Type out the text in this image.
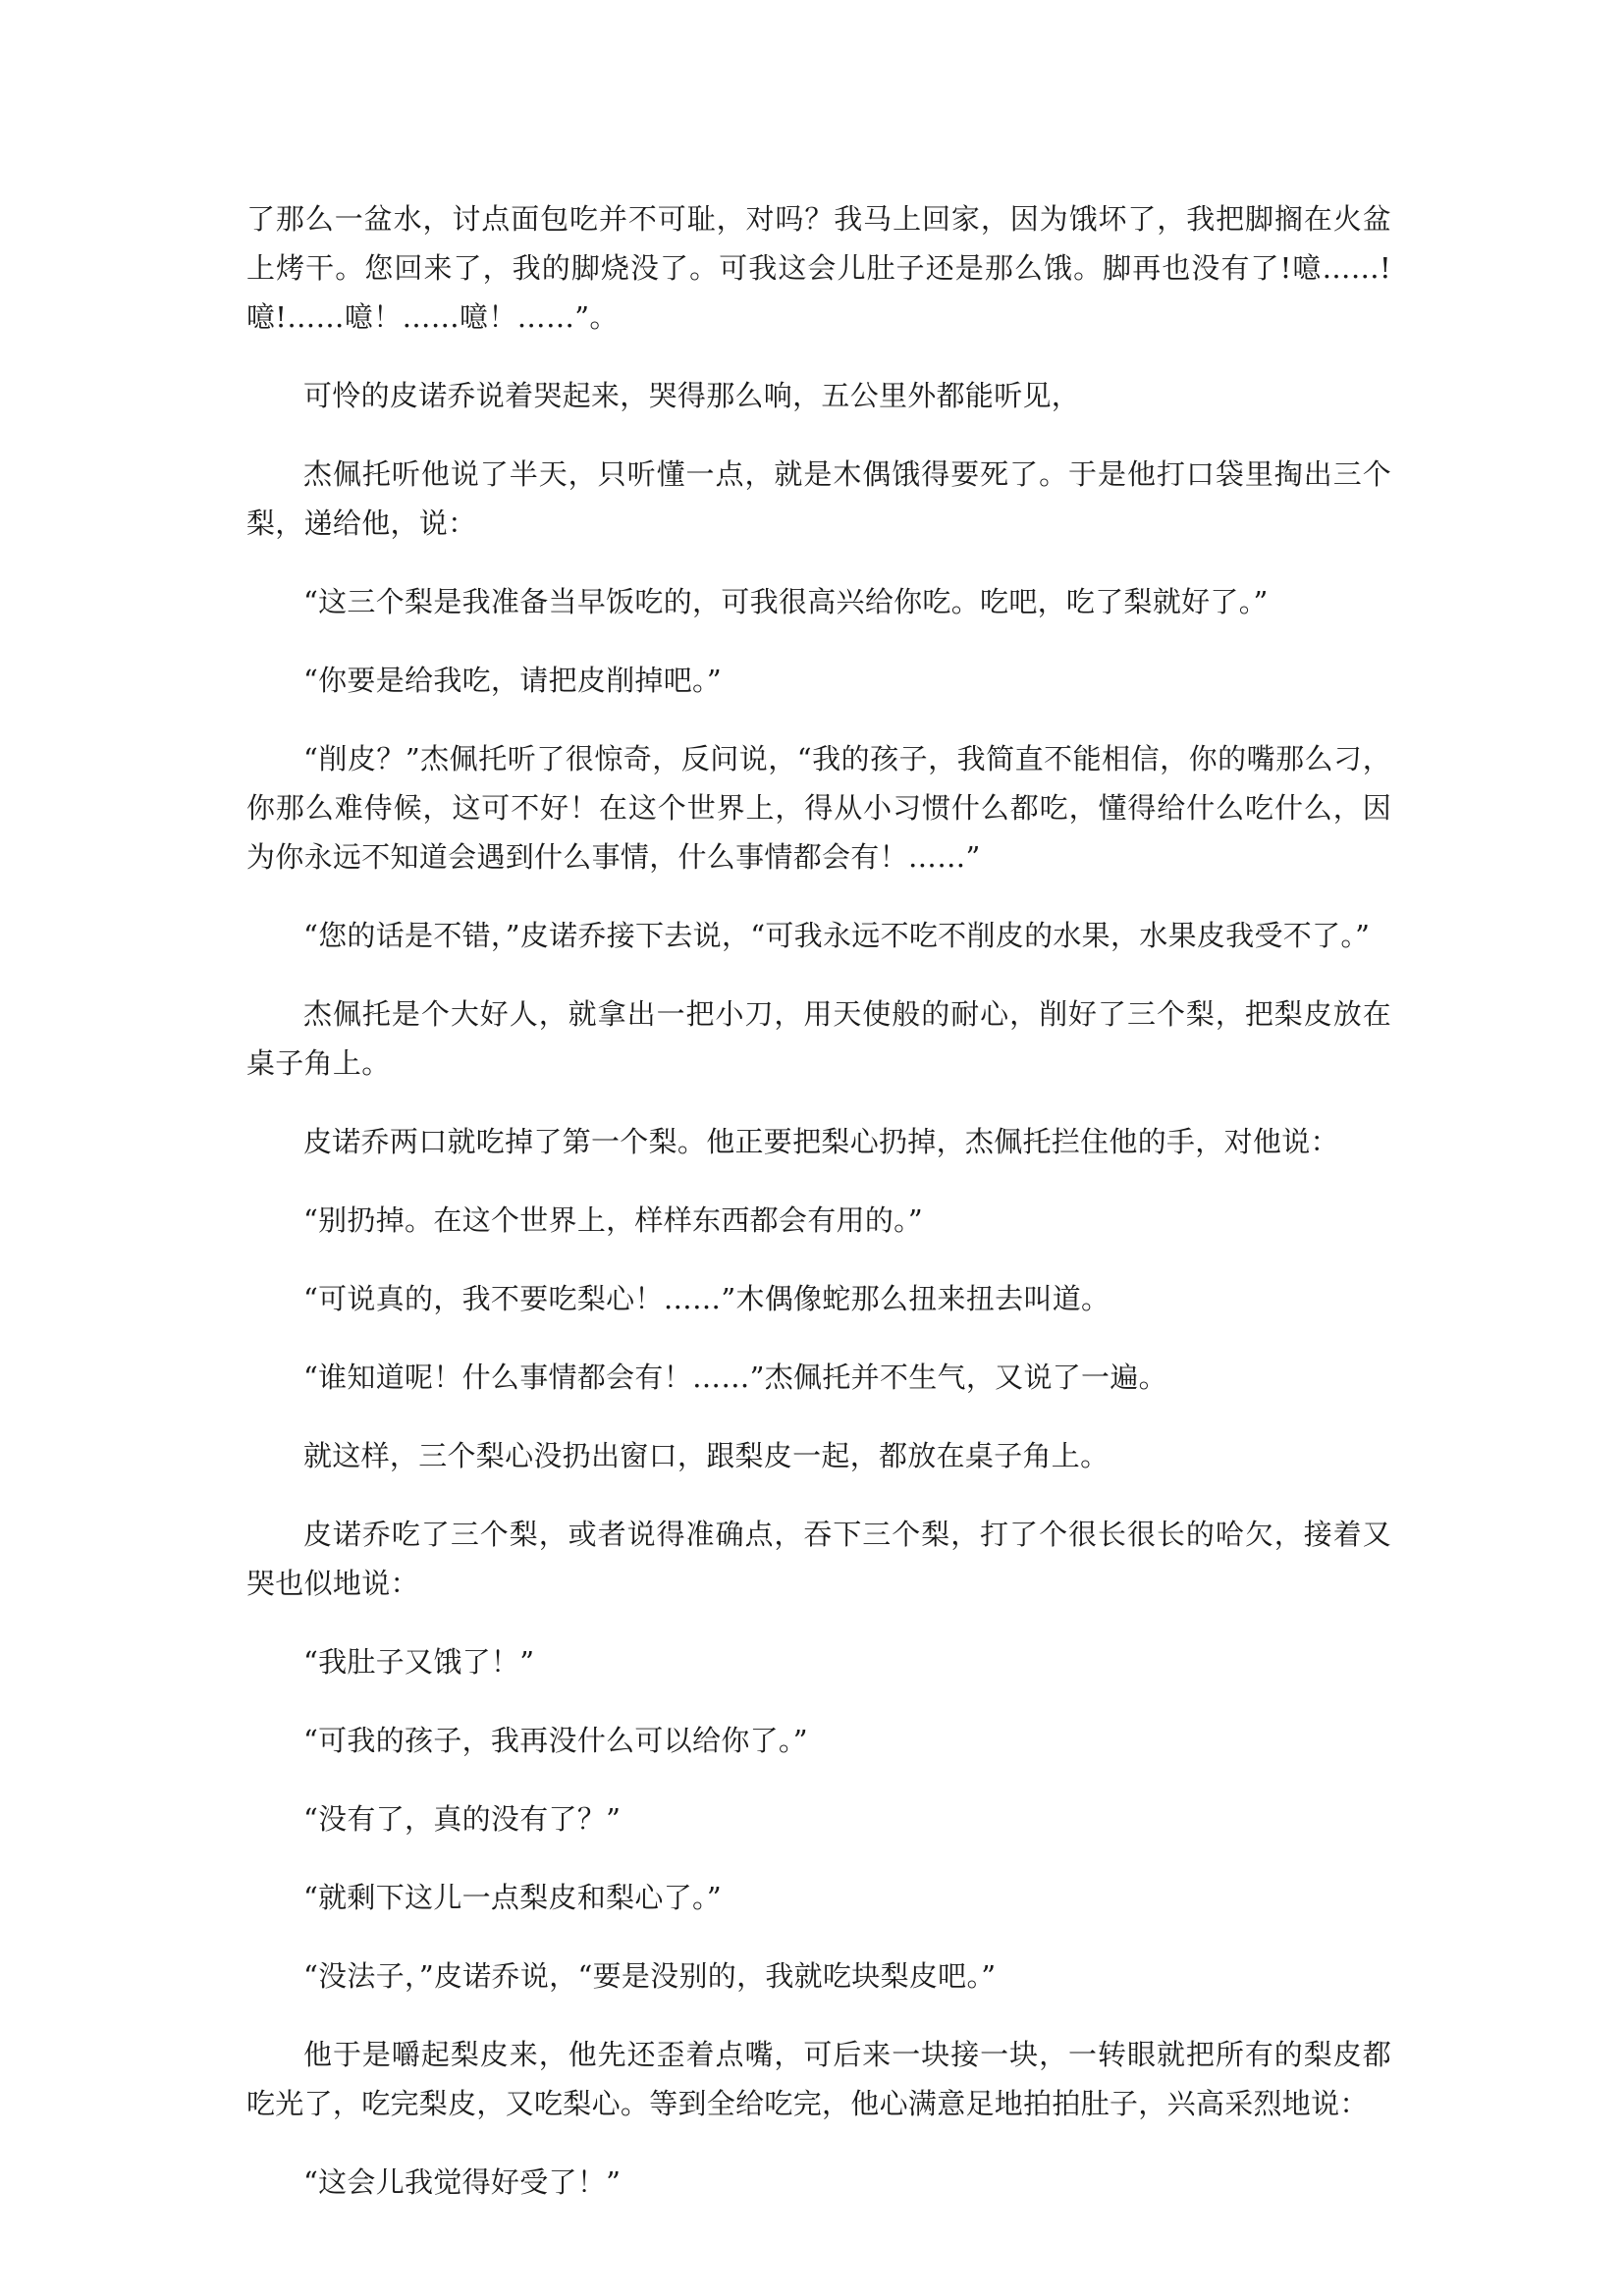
了那么一盆水，讨点面包吃并不可耻，对吗？我马上回家，因为饿坏了，我把脚搁在火盆上烤干。您回来了，我的脚烧没了。可我这会儿肚子还是那么饿。脚再也没有了!噫……!噫!……噫！……噫！……”。

可怜的皮诺乔说着哭起来，哭得那么响，五公里外都能听见，

杰佩托听他说了半天，只听懂一点，就是木偶饿得要死了。于是他打口袋里掏出三个梨，递给他，说：

“这三个梨是我准备当早饭吃的，可我很高兴给你吃。吃吧，吃了梨就好了。”

“你要是给我吃，请把皮削掉吧。”

“削皮？”杰佩托听了很惊奇，反问说，“我的孩子，我简直不能相信，你的嘴那么刁，你那么难侍候，这可不好！在这个世界上，得从小习惯什么都吃，懂得给什么吃什么，因为你永远不知道会遇到什么事情，什么事情都会有！……”

“您的话是不错，”皮诺乔接下去说，“可我永远不吃不削皮的水果，水果皮我受不了。”

杰佩托是个大好人，就拿出一把小刀，用天使般的耐心，削好了三个梨，把梨皮放在桌子角上。

皮诺乔两口就吃掉了第一个梨。他正要把梨心扔掉，杰佩托拦住他的手，对他说：

“别扔掉。在这个世界上，样样东西都会有用的。”

“可说真的，我不要吃梨心！……”木偶像蛇那么扭来扭去叫道。

“谁知道呢！什么事情都会有！……”杰佩托并不生气，又说了一遍。

就这样，三个梨心没扔出窗口，跟梨皮一起，都放在桌子角上。

皮诺乔吃了三个梨，或者说得准确点，吞下三个梨，打了个很长很长的哈欠，接着又哭也似地说：

“我肚子又饿了！”

“可我的孩子，我再没什么可以给你了。”

“没有了，真的没有了？”

“就剩下这儿一点梨皮和梨心了。”

“没法子，”皮诺乔说，“要是没别的，我就吃块梨皮吧。”

他于是嚼起梨皮来，他先还歪着点嘴，可后来一块接一块，一转眼就把所有的梨皮都吃光了，吃完梨皮，又吃梨心。等到全给吃完，他心满意足地拍拍肚子，兴高采烈地说：

“这会儿我觉得好受了！”
